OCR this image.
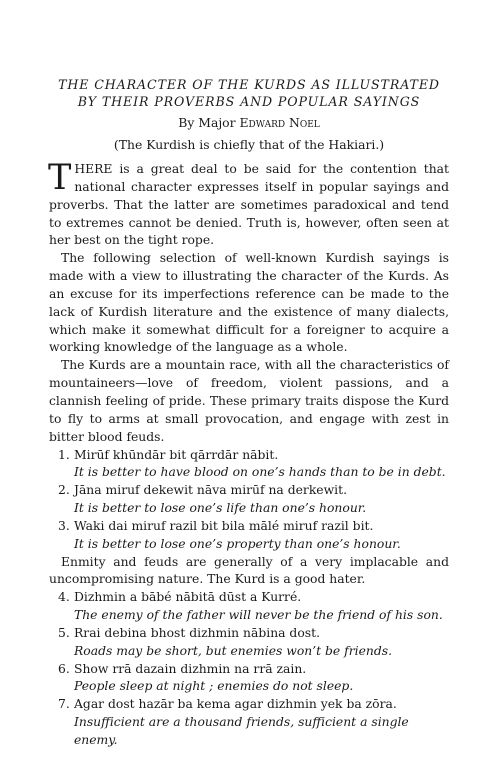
THE CHARACTER OF THE KURDS AS ILLUSTRATED
BY THEIR PROVERBS AND POPULAR SAYINGS
By Major Edward Noel
(The Kurdish is chiefly that of the Hakiari.)

THERE is a great deal to be said for the contention that national character expresses itself in popular sayings and proverbs. That the latter are sometimes paradoxical and tend to extremes cannot be denied. Truth is, however, often seen at her best on the tight rope.

The following selection of well-known Kurdish sayings is made with a view to illustrating the character of the Kurds. As an excuse for its imperfections reference can be made to the lack of Kurdish literature and the existence of many dialects, which make it somewhat difficult for a foreigner to acquire a working knowledge of the language as a whole.

The Kurds are a mountain race, with all the characteristics of mountaineers—love of freedom, violent passions, and a clannish feeling of pride. These primary traits dispose the Kurd to fly to arms at small provocation, and engage with zest in bitter blood feuds.

1. Mirūf khūndār bit qārrdār nābit.
It is better to have blood on one’s hands than to be in debt.
2. Jāna miruf dekewit nāva mirūf na derkewit.
It is better to lose one’s life than one’s honour.
3. Waki dai miruf razil bit bila mālé miruf razil bit.
It is better to lose one’s property than one’s honour.

Enmity and feuds are generally of a very implacable and uncompromising nature. The Kurd is a good hater.

4. Dizhmin a bābé nābitā dūst a Kurré.
The enemy of the father will never be the friend of his son.
5. Rrai debina bhost dizhmin nābina dost.
Roads may be short, but enemies won’t be friends.
6. Show rrā dazain dizhmin na rrā zain.
People sleep at night ; enemies do not sleep.
7. Agar dost hazār ba kema agar dizhmin yek ba zōra.
Insufficient are a thousand friends, sufficient a single enemy.
